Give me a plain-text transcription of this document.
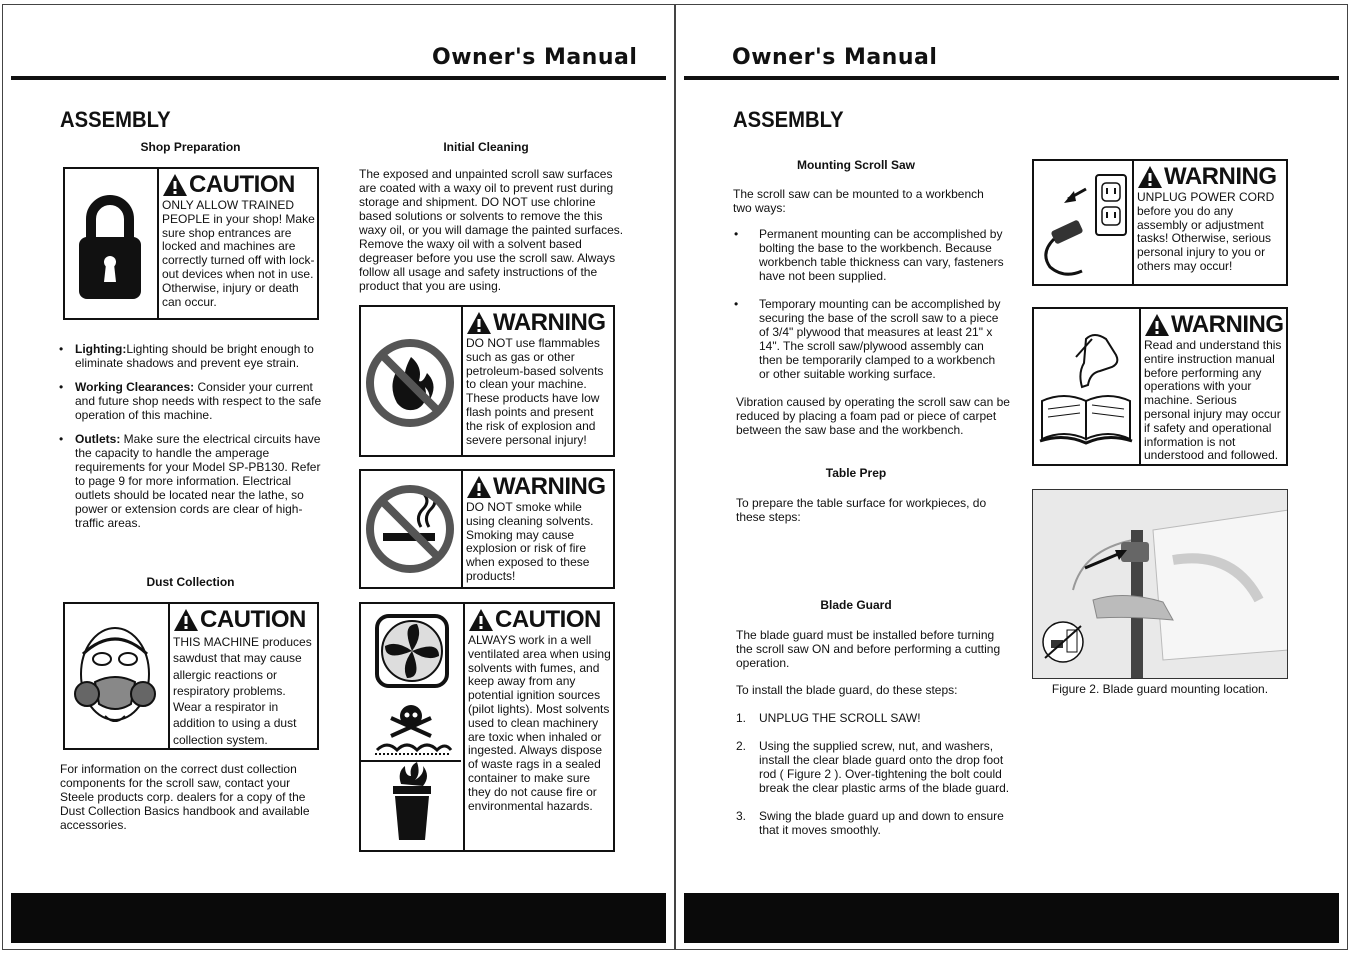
Owner's Manual
ASSEMBLY
Shop Preparation
CAUTION
ONLY ALLOW TRAINED PEOPLE in your shop! Make sure shop entrances are locked and machines are correctly turned off with lock-out devices when not in use. Otherwise, injury or death can occur.
• Lighting:Lighting should be bright enough to eliminate shadows and prevent eye strain.
• Working Clearances: Consider your current and future shop needs with respect to the safe operation of this machine.
• Outlets: Make sure the electrical circuits have the capacity to handle the amperage requirements for your Model SP-PB130. Refer to page 9 for more information. Electrical outlets should be located near the lathe, so power or extension cords are clear of high-traffic areas.
Dust Collection
CAUTION
THIS MACHINE produces sawdust that may cause allergic reactions or respiratory problems. Wear a respirator in addition to using a dust collection system.
For information on the correct dust collection components for the scroll saw, contact your Steele products corp. dealers for a copy of the Dust Collection Basics handbook and available accessories.
Initial Cleaning
The exposed and unpainted scroll saw surfaces are coated with a waxy oil to prevent rust during storage and shipment. DO NOT use chlorine based solutions or solvents to remove the this waxy oil, or you will damage the painted surfaces. Remove the waxy oil with a solvent based degreaser before you use the scroll saw. Always follow all usage and safety instructions of the product that you are using.
WARNING
DO NOT use flammables such as gas or other petroleum-based solvents to clean your machine. These products have low flash points and present the risk of explosion and severe personal injury!
WARNING
DO NOT smoke while using cleaning solvents. Smoking may cause explosion or risk of fire when exposed to these products!
CAUTION
ALWAYS work in a well ventilated area when using solvents with fumes, and keep away from any potential ignition sources (pilot lights). Most solvents used to clean machinery are toxic when inhaled or ingested. Always dispose of waste rags in a sealed container to make sure they do not cause fire or environmental hazards.
Owner's Manual
ASSEMBLY
Mounting Scroll Saw
The scroll saw can be mounted to a workbench two ways:
• Permanent mounting can be accomplished by bolting the base to the workbench. Because workbench table thickness can vary, fasteners have not been supplied.
• Temporary mounting can be accomplished by securing the base of the scroll saw to a piece of 3/4" plywood that measures at least 21" x 14". The scroll saw/plywood assembly can then be temporarily clamped to a workbench or other suitable working surface.
Vibration caused by operating the scroll saw can be reduced by placing a foam pad or piece of carpet between the saw base and the workbench.
Table Prep
To prepare the table surface for workpieces, do these steps:
Blade Guard
The blade guard must be installed before turning the scroll saw ON and before performing a cutting operation.
To install the blade guard, do these steps:
1. UNPLUG THE SCROLL SAW!
2. Using the supplied screw, nut, and washers, install the clear blade guard onto the drop foot rod ( Figure 2 ). Over-tightening the bolt could break the clear plastic arms of the blade guard.
3. Swing the blade guard up and down to ensure that it moves smoothly.
WARNING
UNPLUG POWER CORD before you do any assembly or adjustment tasks! Otherwise, serious personal injury to you or others may occur!
WARNING
Read and understand this entire instruction manual before performing any operations with your machine. Serious personal injury may occur if safety and operational information is not understood and followed.
Figure 2. Blade guard mounting location.
